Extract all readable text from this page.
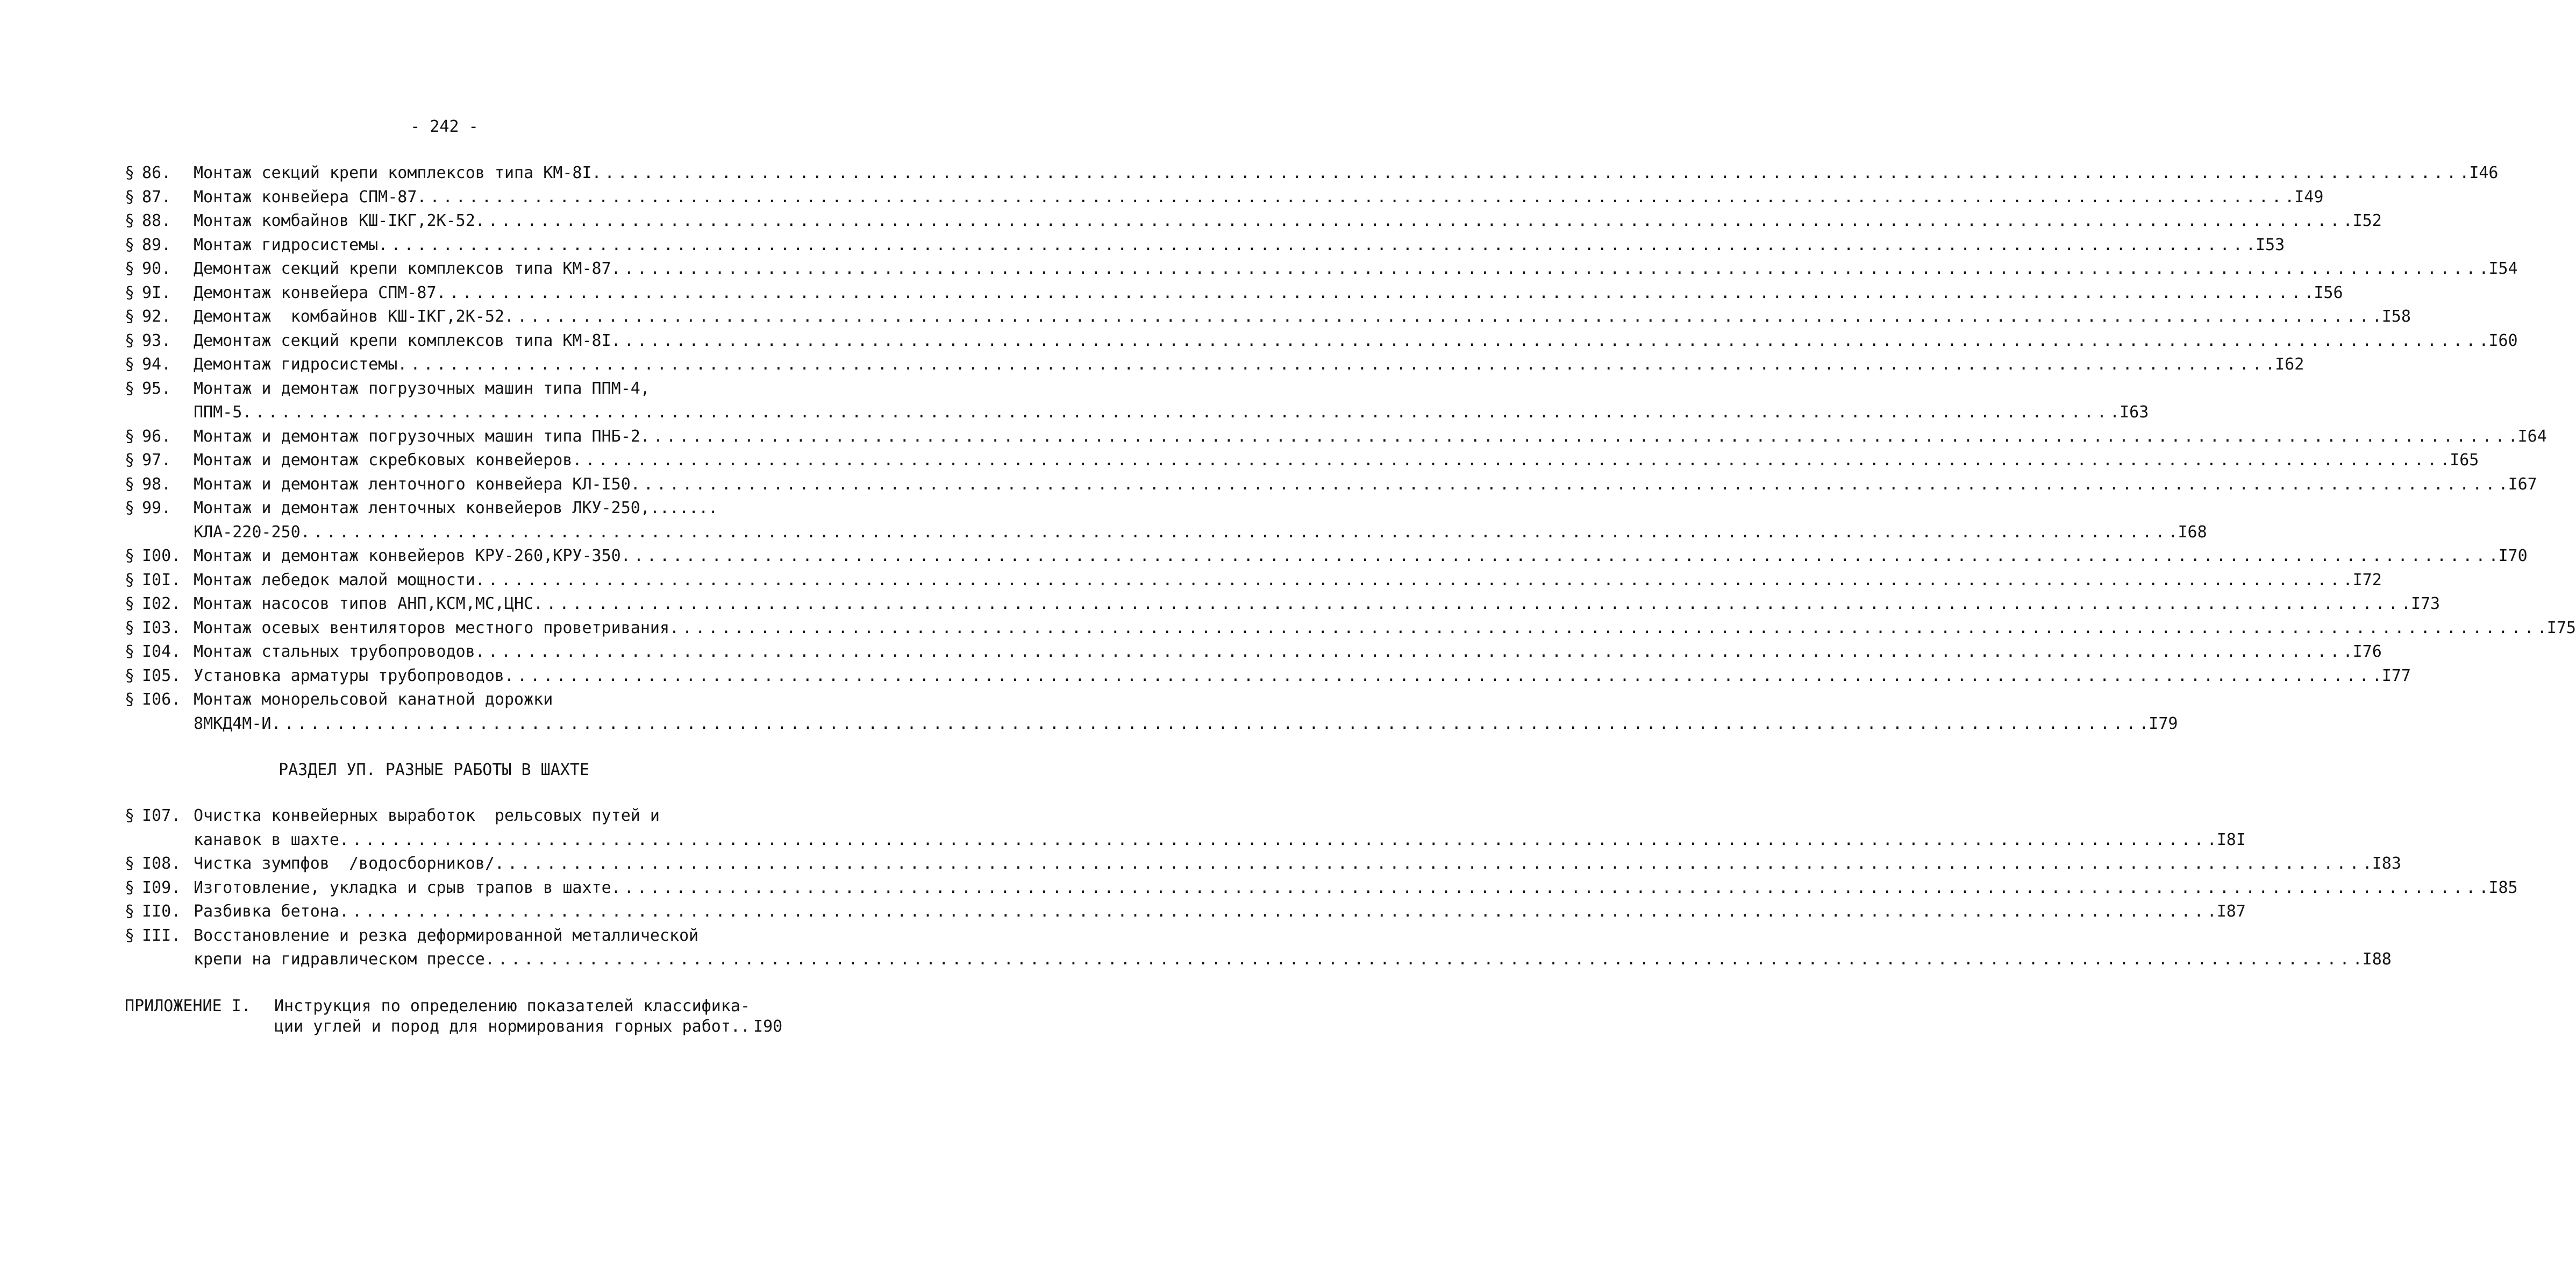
- 242 -
§ 86.	Монтаж секций крепи комплексов типа КМ-8I . . .	I46
§ 87.	Монтаж конвейера СПМ-87 . . .	I49
§ 88.	Монтаж комбайнов КШ-IКГ,2К-52 . . .	I52
§ 89.	Монтаж гидросистемы . . .	I53
§ 90.	Демонтаж секций крепи комплексов типа КМ-87 . . .	I54
§ 9I.	Демонтаж конвейера СПМ-87 . . .	I56
§ 92.	Демонтаж  комбайнов КШ-IКГ,2К-52 . . .	I58
§ 93.	Демонтаж секций крепи комплексов типа КМ-8I . . .	I60
§ 94.	Демонтаж гидросистемы . . .	I62
§ 95.	Монтаж и демонтаж погрузочных машин типа ППМ-4,
ППМ-5 . . .	I63
§ 96.	Монтаж и демонтаж погрузочных машин типа ПНБ-2 . . .	I64
§ 97.	Монтаж и демонтаж скребковых конвейеров . . .	I65
§ 98.	Монтаж и демонтаж ленточного конвейера КЛ-I50 . . .	I67
§ 99.	Монтаж и демонтаж ленточных конвейеров ЛКУ-250,.......
КЛА-220-250 . . .	I68
§ I00. Монтаж и демонтаж конвейеров КРУ-260,КРУ-350 . . .	I70
§ I0I. Монтаж лебедок малой мощности . . .	I72
§ I02. Монтаж насосов типов АНП,КСМ,МС,ЦНС . . .	I73
§ I03. Монтаж осевых вентиляторов местного проветривания . . .	I75
§ I04. Монтаж стальных трубопроводов . . .	I76
§ I05. Установка арматуры трубопроводов . . .	I77
§ I06. Монтаж монорельсовой канатной дорожки
8МКД4М-И . . .	I79
РАЗДЕЛ УП. РАЗНЫЕ РАБОТЫ В ШАХТЕ
§ I07. Очистка конвейерных выработок  рельсовых путей и
канавок в шахте . . .	I8I
§ I08. Чистка зумпфов  /водосборников/ . . .	I83
§ I09. Изготовление, укладка и срыв трапов в шахте . . .	I85
§ II0. Разбивка бетона . . .	I87
§ III. Восстановление и резка деформированной металлической
крепи на гидравлическом прессе . . .	I88
ПРИЛОЖЕНИЕ I.	Инструкция по определению показателей классифика-
ции углей и пород для нормирования горных работ.. I90
